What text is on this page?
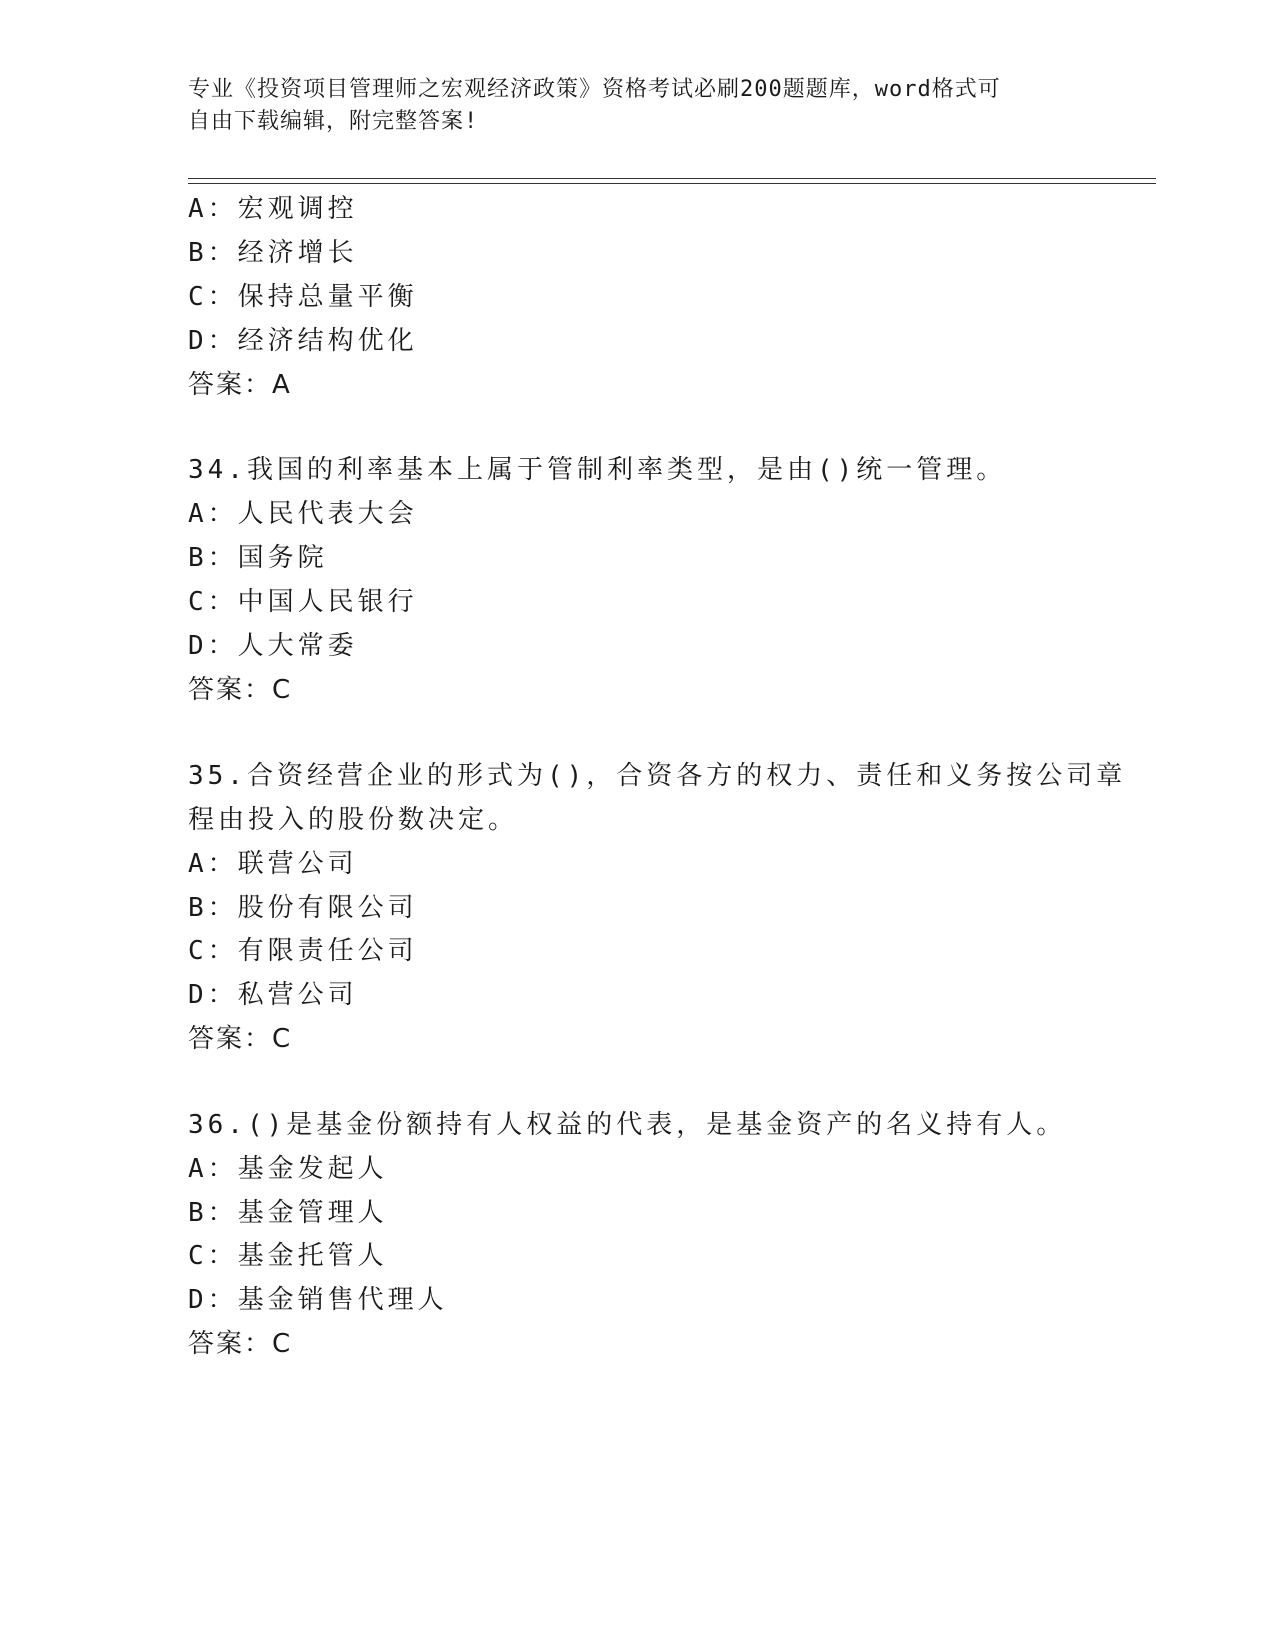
专业《投资项目管理师之宏观经济政策》资格考试必刷200题题库，word格式可
自由下载编辑，附完整答案!
A：宏观调控
B：经济增长
C：保持总量平衡
D：经济结构优化
答案：A
34.我国的利率基本上属于管制利率类型，是由()统一管理。
A：人民代表大会
B：国务院
C：中国人民银行
D：人大常委
答案：C
35.合资经营企业的形式为()，合资各方的权力、责任和义务按公司章
程由投入的股份数决定。
A：联营公司
B：股份有限公司
C：有限责任公司
D：私营公司
答案：C
36.()是基金份额持有人权益的代表，是基金资产的名义持有人。
A：基金发起人
B：基金管理人
C：基金托管人
D：基金销售代理人
答案：C
